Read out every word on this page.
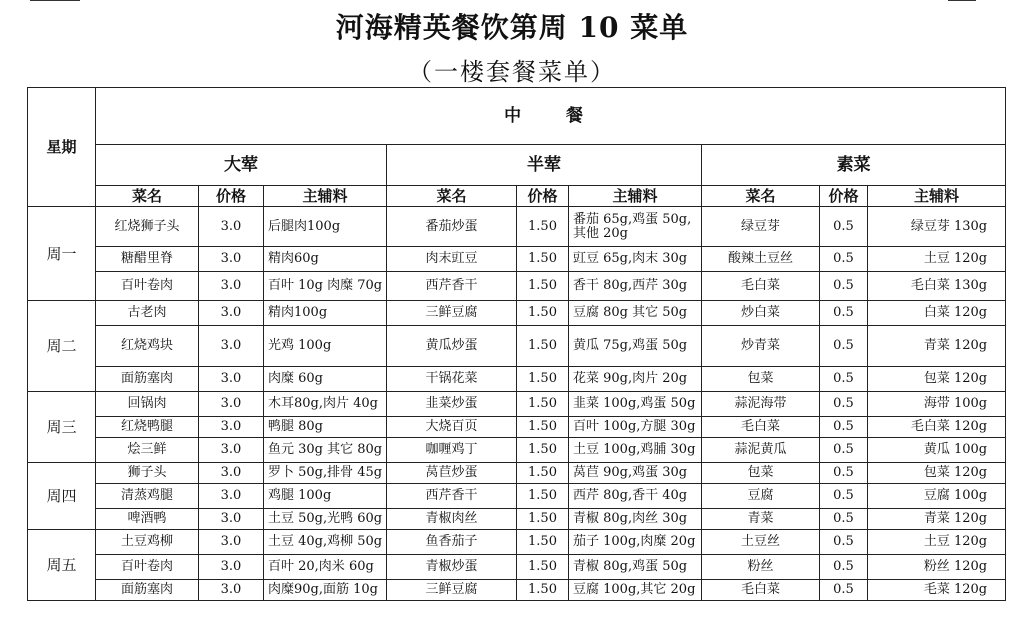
河海精英餐饮第周 10 菜单
（一楼套餐菜单）
星期	中　餐								
	大荤			半荤			素菜		
	菜名	价格	主辅料	菜名	价格	主辅料	菜名	价格	主辅料
周一	红烧狮子头	3.0	后腿肉100g	番茄炒蛋	1.50	番茄 65g,鸡蛋 50g,其他 20g	绿豆芽	0.5	绿豆芽 130g
	糖醋里脊	3.0	精肉60g	肉末豇豆	1.50	豇豆 65g,肉末 30g	酸辣土豆丝	0.5	土豆 120g
	百叶卷肉	3.0	百叶 10g 肉糜 70g	西芹香干	1.50	香干 80g,西芹 30g	毛白菜	0.5	毛白菜 130g
周二	古老肉	3.0	精肉100g	三鲜豆腐	1.50	豆腐 80g 其它 50g	炒白菜	0.5	白菜 120g
	红烧鸡块	3.0	光鸡 100g	黄瓜炒蛋	1.50	黄瓜 75g,鸡蛋 50g	炒青菜	0.5	青菜 120g
	面筋塞肉	3.0	肉糜 60g	干锅花菜	1.50	花菜 90g,肉片 20g	包菜	0.5	包菜 120g
周三	回锅肉	3.0	木耳80g,肉片 40g	韭菜炒蛋	1.50	韭菜 100g,鸡蛋 50g	蒜泥海带	0.5	海带 100g
	红烧鸭腿	3.0	鸭腿 80g	大烧百页	1.50	百叶 100g,方腿 30g	毛白菜	0.5	毛白菜 120g
	烩三鲜	3.0	鱼元 30g 其它 80g	咖喱鸡丁	1.50	土豆 100g,鸡脯 30g	蒜泥黄瓜	0.5	黄瓜 100g
周四	狮子头	3.0	罗卜 50g,排骨 45g	莴苣炒蛋	1.50	莴苣 90g,鸡蛋 30g	包菜	0.5	包菜 120g
	清蒸鸡腿	3.0	鸡腿 100g	西芹香干	1.50	西芹 80g,香干 40g	豆腐	0.5	豆腐 100g
	啤酒鸭	3.0	土豆 50g,光鸭 60g	青椒肉丝	1.50	青椒 80g,肉丝 30g	青菜	0.5	青菜 120g
周五	土豆鸡柳	3.0	土豆 40g,鸡柳 50g	鱼香茄子	1.50	茄子 100g,肉糜 20g	土豆丝	0.5	土豆 120g
	百叶卷肉	3.0	百叶 20,肉米 60g	青椒炒蛋	1.50	青椒 80g,鸡蛋 50g	粉丝	0.5	粉丝 120g
	面筋塞肉	3.0	肉糜90g,面筋 10g	三鲜豆腐	1.50	豆腐 100g,其它 20g	毛白菜	0.5	毛菜 120g
